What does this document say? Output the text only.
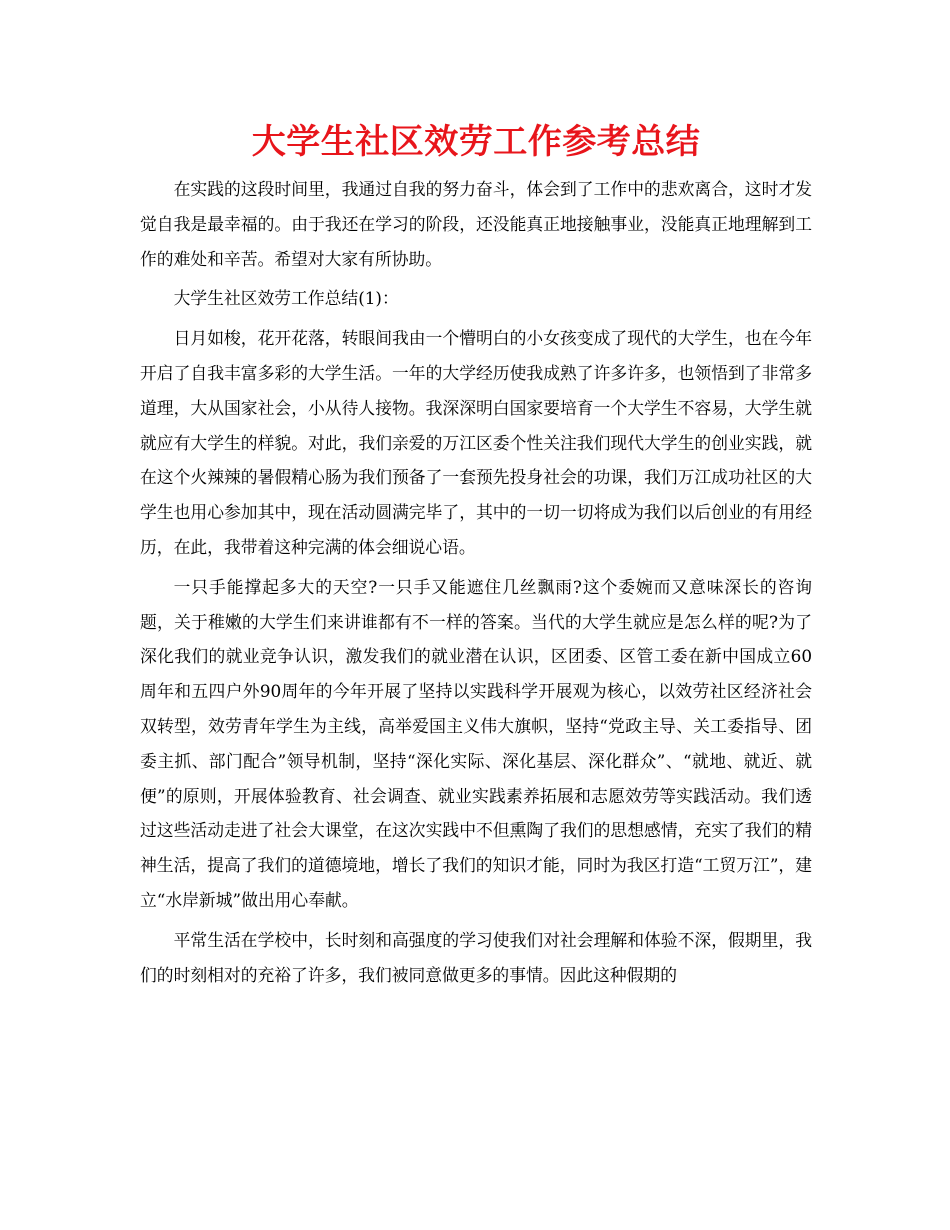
大学生社区效劳工作参考总结

在实践的这段时间里，我通过自我的努力奋斗，体会到了工作中的悲欢离合，这时才发觉自我是最幸福的。由于我还在学习的阶段，还没能真正地接触事业，没能真正地理解到工作的难处和辛苦。希望对大家有所协助。

大学生社区效劳工作总结(1)：

日月如梭，花开花落，转眼间我由一个懵明白的小女孩变成了现代的大学生，也在今年开启了自我丰富多彩的大学生活。一年的大学经历使我成熟了许多许多，也领悟到了非常多道理，大从国家社会，小从待人接物。我深深明白国家要培育一个大学生不容易，大学生就就应有大学生的样貌。对此，我们亲爱的万江区委个性关注我们现代大学生的创业实践，就在这个火辣辣的暑假精心肠为我们预备了一套预先投身社会的功课，我们万江成功社区的大学生也用心参加其中，现在活动圆满完毕了，其中的一切一切将成为我们以后创业的有用经历，在此，我带着这种完满的体会细说心语。

一只手能撑起多大的天空?一只手又能遮住几丝飘雨?这个委婉而又意味深长的咨询题，关于稚嫩的大学生们来讲谁都有不一样的答案。当代的大学生就应是怎么样的呢?为了深化我们的就业竞争认识，激发我们的就业潜在认识，区团委、区管工委在新中国成立60周年和五四户外90周年的今年开展了坚持以实践科学开展观为核心，以效劳社区经济社会双转型，效劳青年学生为主线，高举爱国主义伟大旗帜，坚持“党政主导、关工委指导、团委主抓、部门配合”领导机制，坚持“深化实际、深化基层、深化群众”、“就地、就近、就便”的原则，开展体验教育、社会调查、就业实践素养拓展和志愿效劳等实践活动。我们透过这些活动走进了社会大课堂，在这次实践中不但熏陶了我们的思想感情，充实了我们的精神生活，提高了我们的道德境地，增长了我们的知识才能，同时为我区打造“工贸万江”，建立“水岸新城”做出用心奉献。

平常生活在学校中，长时刻和高强度的学习使我们对社会理解和体验不深，假期里，我们的时刻相对的充裕了许多，我们被同意做更多的事情。因此这种假期的
